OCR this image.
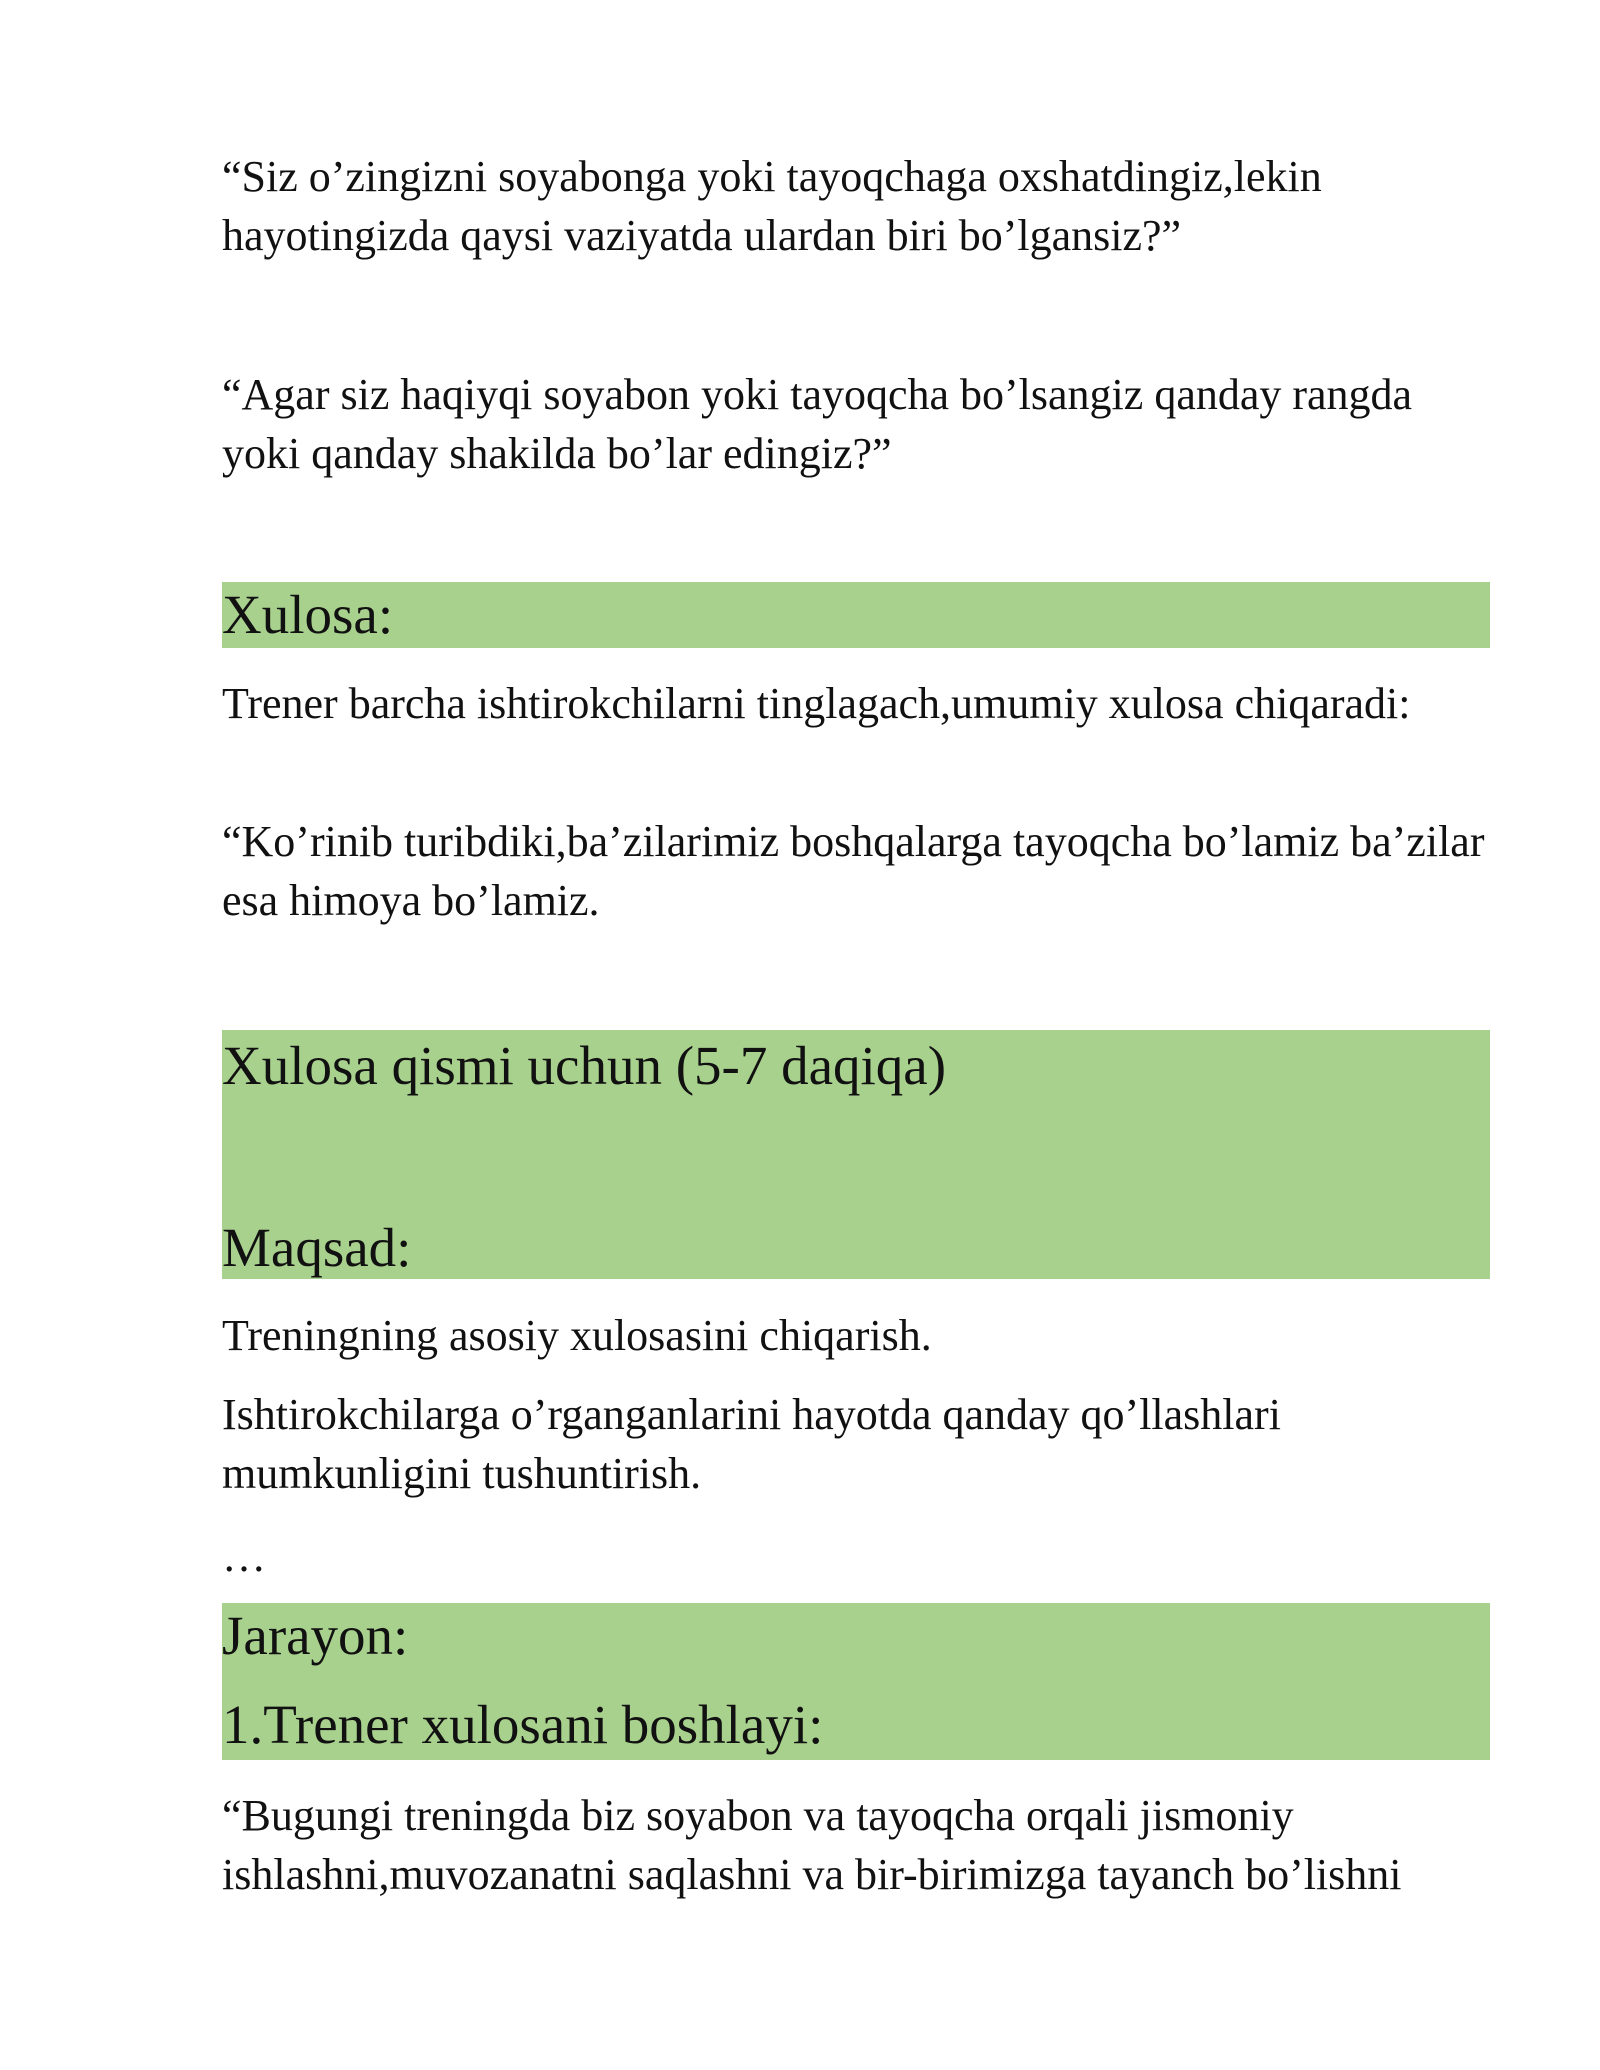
“Siz o’zingizni soyabonga yoki tayoqchaga oxshatdingiz,lekin hayotingizda qaysi vaziyatda ulardan biri bo’lgansiz?”

“Agar siz haqiyqi soyabon yoki tayoqcha bo’lsangiz qanday rangda yoki qanday shakilda bo’lar edingiz?”

Xulosa:

Trener barcha ishtirokchilarni tinglagach,umumiy xulosa chiqaradi:

“Ko’rinib turibdiki,ba’zilarimiz boshqalarga tayoqcha bo’lamiz ba’zilar esa himoya bo’lamiz.

Xulosa qismi uchun (5-7 daqiqa)

Maqsad:

Treningning asosiy xulosasini chiqarish.

Ishtirokchilarga o’rganganlarini hayotda qanday qo’llashlari mumkunligini tushuntirish.

…

Jarayon:

1.Trener xulosani boshlayi:

“Bugungi treningda biz soyabon va tayoqcha orqali jismoniy ishlashni,muvozanatni saqlashni va bir-birimizga tayanch bo’lishni
